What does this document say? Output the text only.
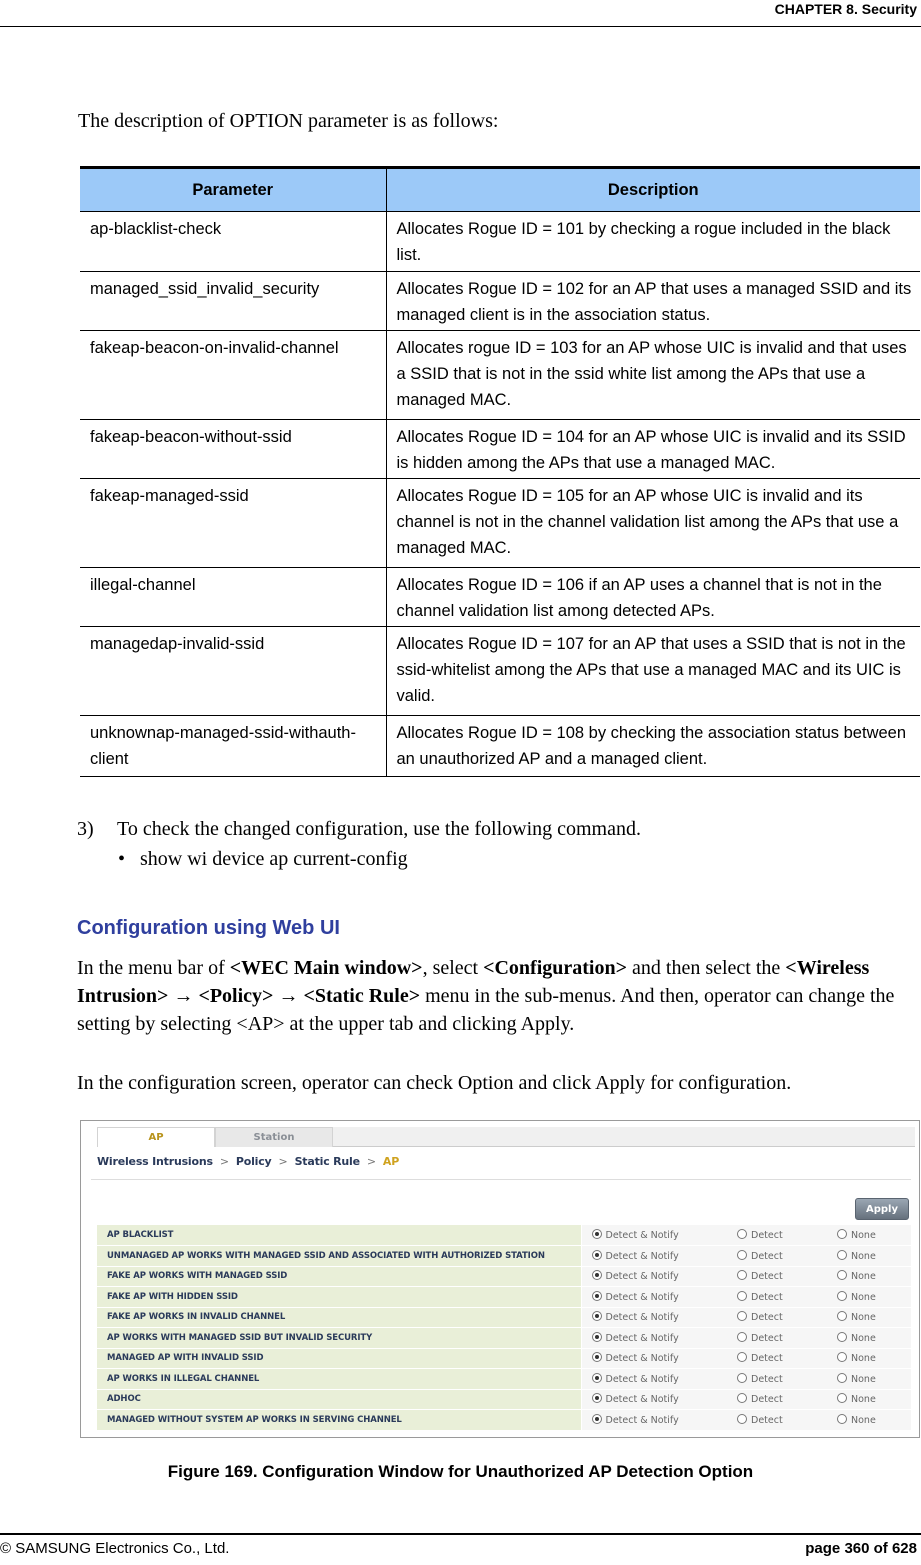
CHAPTER 8. Security
The description of OPTION parameter is as follows:
Parameter	Description
ap-blacklist-check	Allocates Rogue ID = 101 by checking a rogue included in the black list.
managed_ssid_invalid_security	Allocates Rogue ID = 102 for an AP that uses a managed SSID and its managed client is in the association status.
fakeap-beacon-on-invalid-channel	Allocates rogue ID = 103 for an AP whose UIC is invalid and that uses a SSID that is not in the ssid white list among the APs that use a managed MAC.
fakeap-beacon-without-ssid	Allocates Rogue ID = 104 for an AP whose UIC is invalid and its SSID is hidden among the APs that use a managed MAC.
fakeap-managed-ssid	Allocates Rogue ID = 105 for an AP whose UIC is invalid and its channel is not in the channel validation list among the APs that use a managed MAC.
illegal-channel	Allocates Rogue ID = 106 if an AP uses a channel that is not in the channel validation list among detected APs.
managedap-invalid-ssid	Allocates Rogue ID = 107 for an AP that uses a SSID that is not in the ssid-whitelist among the APs that use a managed MAC and its UIC is valid.
unknownap-managed-ssid-withauth-client	Allocates Rogue ID = 108 by checking the association status between an unauthorized AP and a managed client.
3) To check the changed configuration, use the following command.
• show wi device ap current-config
Configuration using Web UI
In the menu bar of <WEC Main window>, select <Configuration> and then select the <Wireless Intrusion> → <Policy> → <Static Rule> menu in the sub-menus. And then, operator can change the setting by selecting <AP> at the upper tab and clicking Apply.
In the configuration screen, operator can check Option and click Apply for configuration.
AP	Station
Wireless Intrusions > Policy > Static Rule > AP
Apply
AP BLACKLIST	Detect & Notify	Detect	None
UNMANAGED AP WORKS WITH MANAGED SSID AND ASSOCIATED WITH AUTHORIZED STATION	Detect & Notify	Detect	None
FAKE AP WORKS WITH MANAGED SSID	Detect & Notify	Detect	None
FAKE AP WITH HIDDEN SSID	Detect & Notify	Detect	None
FAKE AP WORKS IN INVALID CHANNEL	Detect & Notify	Detect	None
AP WORKS WITH MANAGED SSID BUT INVALID SECURITY	Detect & Notify	Detect	None
MANAGED AP WITH INVALID SSID	Detect & Notify	Detect	None
AP WORKS IN ILLEGAL CHANNEL	Detect & Notify	Detect	None
ADHOC	Detect & Notify	Detect	None
MANAGED WITHOUT SYSTEM AP WORKS IN SERVING CHANNEL	Detect & Notify	Detect	None
Figure 169. Configuration Window for Unauthorized AP Detection Option
© SAMSUNG Electronics Co., Ltd.	page 360 of 628
